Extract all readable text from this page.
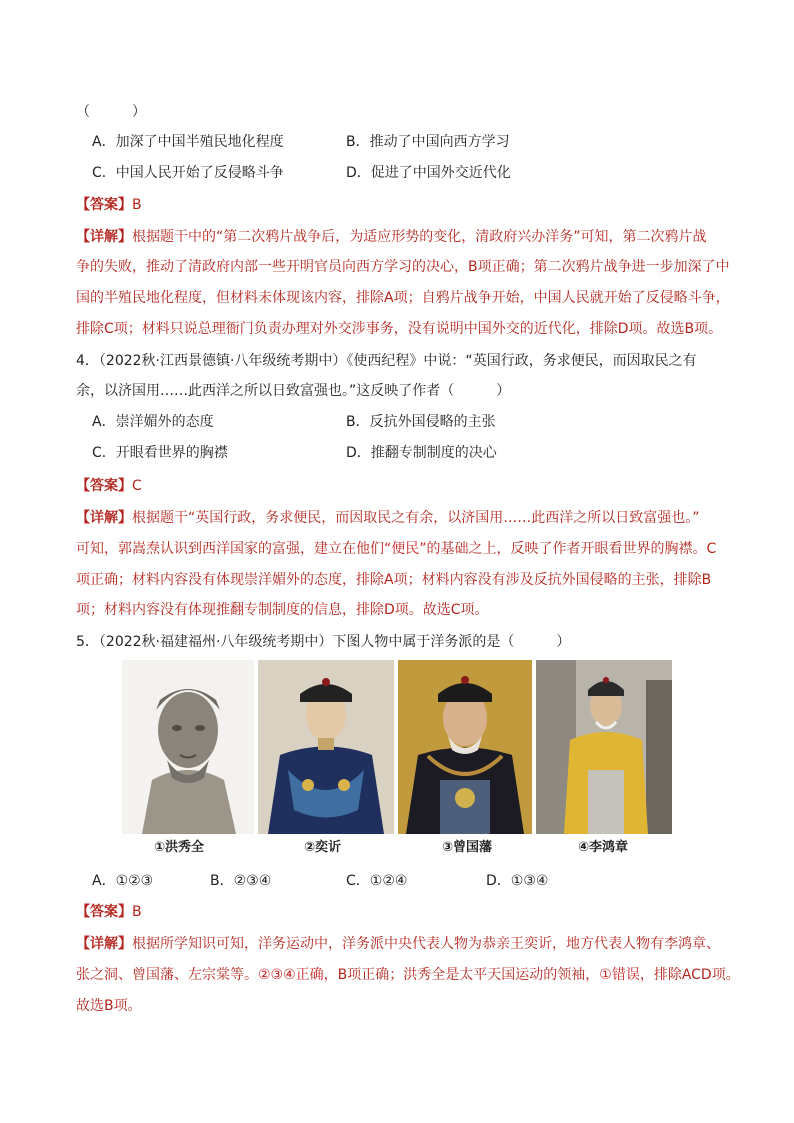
（　　　）
A．加深了中国半殖民地化程度	B．推动了中国向西方学习
C．中国人民开始了反侵略斗争	D．促进了中国外交近代化
【答案】B
【详解】根据题干中的“第二次鸦片战争后，为适应形势的变化，清政府兴办洋务”可知，第二次鸦片战
争的失败，推动了清政府内部一些开明官员向西方学习的决心，B项正确；第二次鸦片战争进一步加深了中
国的半殖民地化程度，但材料未体现该内容，排除A项；自鸦片战争开始，中国人民就开始了反侵略斗争，
排除C项；材料只说总理衙门负责办理对外交涉事务，没有说明中国外交的近代化，排除D项。故选B项。
4．（2022秋·江西景德镇·八年级统考期中）《使西纪程》中说：“英国行政，务求便民，而因取民之有
余，以济国用……此西洋之所以日致富强也。”这反映了作者（　　　）
A．崇洋媚外的态度	B．反抗外国侵略的主张
C．开眼看世界的胸襟	D．推翻专制制度的决心
【答案】C
【详解】根据题干“英国行政，务求便民，而因取民之有余，以济国用……此西洋之所以日致富强也。”
可知，郭嵩焘认识到西洋国家的富强，建立在他们“便民”的基础之上，反映了作者开眼看世界的胸襟。C
项正确；材料内容没有体现崇洋媚外的态度，排除A项；材料内容没有涉及反抗外国侵略的主张，排除B
项；材料内容没有体现推翻专制制度的信息，排除D项。故选C项。
5．（2022秋·福建福州·八年级统考期中）下图人物中属于洋务派的是（　　　）
①洪秀全	②奕䜣	③曾国藩	④李鸿章
A．①②③	B．②③④	C．①②④	D．①③④
【答案】B
【详解】根据所学知识可知，洋务运动中，洋务派中央代表人物为恭亲王奕䜣，地方代表人物有李鸿章、
张之洞、曾国藩、左宗棠等。②③④正确，B项正确；洪秀全是太平天国运动的领袖，①错误，排除ACD项。
故选B项。
